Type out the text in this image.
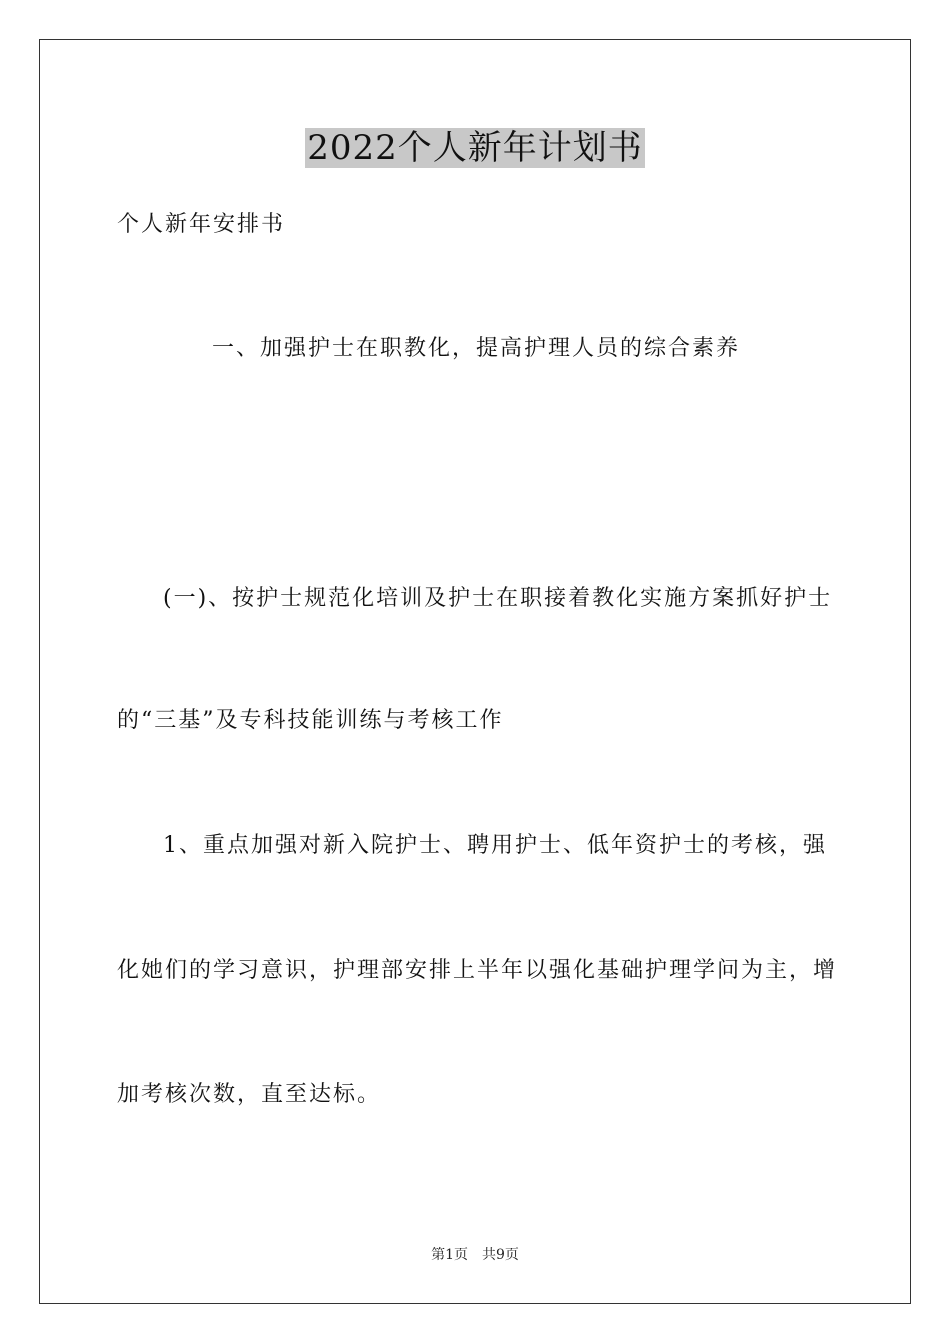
2022个人新年计划书

个人新年安排书

一、加强护士在职教化，提高护理人员的综合素养

(一)、按护士规范化培训及护士在职接着教化实施方案抓好护士

的“三基”及专科技能训练与考核工作

1、重点加强对新入院护士、聘用护士、低年资护士的考核，强

化她们的学习意识，护理部安排上半年以强化基础护理学问为主，增

加考核次数，直至达标。

第1页 共9页
